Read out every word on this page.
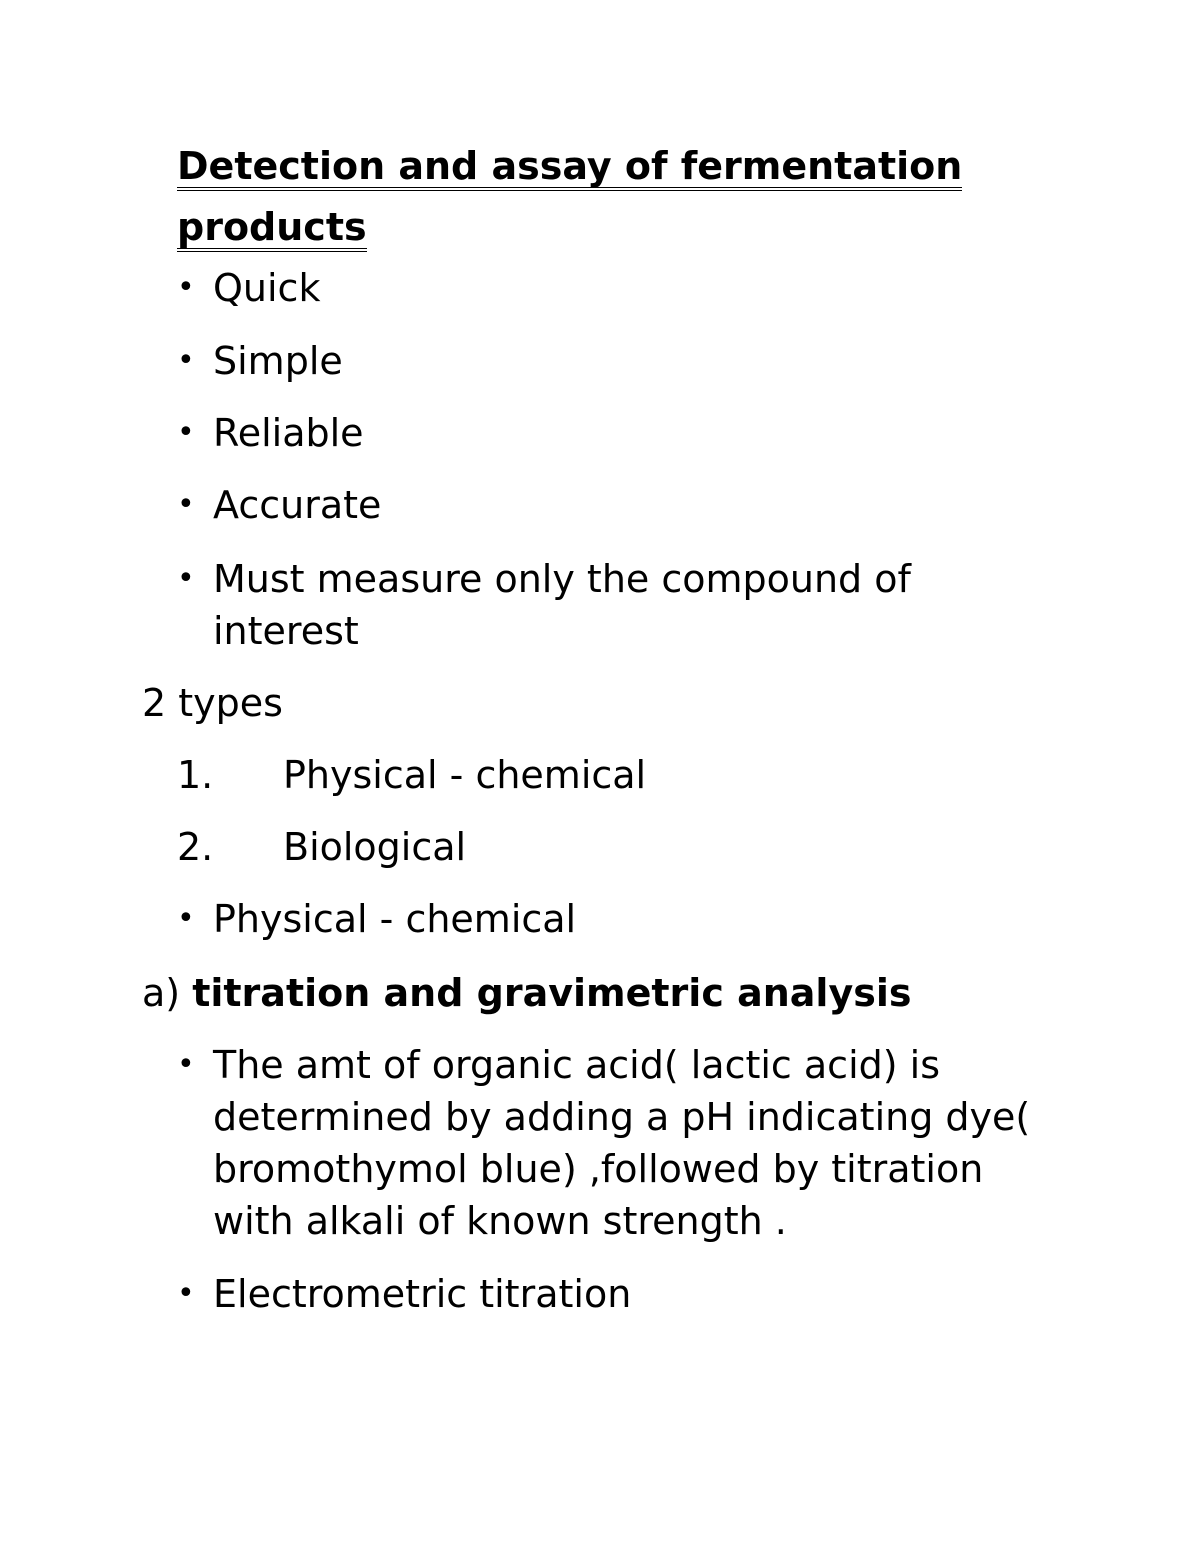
Detection and assay of fermentation
products
• Quick
• Simple
• Reliable
• Accurate
• Must measure only the compound of interest
2 types
1.	Physical - chemical
2.	Biological
• Physical - chemical
a) titration and gravimetric analysis
• The amt of organic acid( lactic acid) is determined by adding a pH indicating dye( bromothymol blue) ,followed by titration with alkali of known strength .
• Electrometric titration
